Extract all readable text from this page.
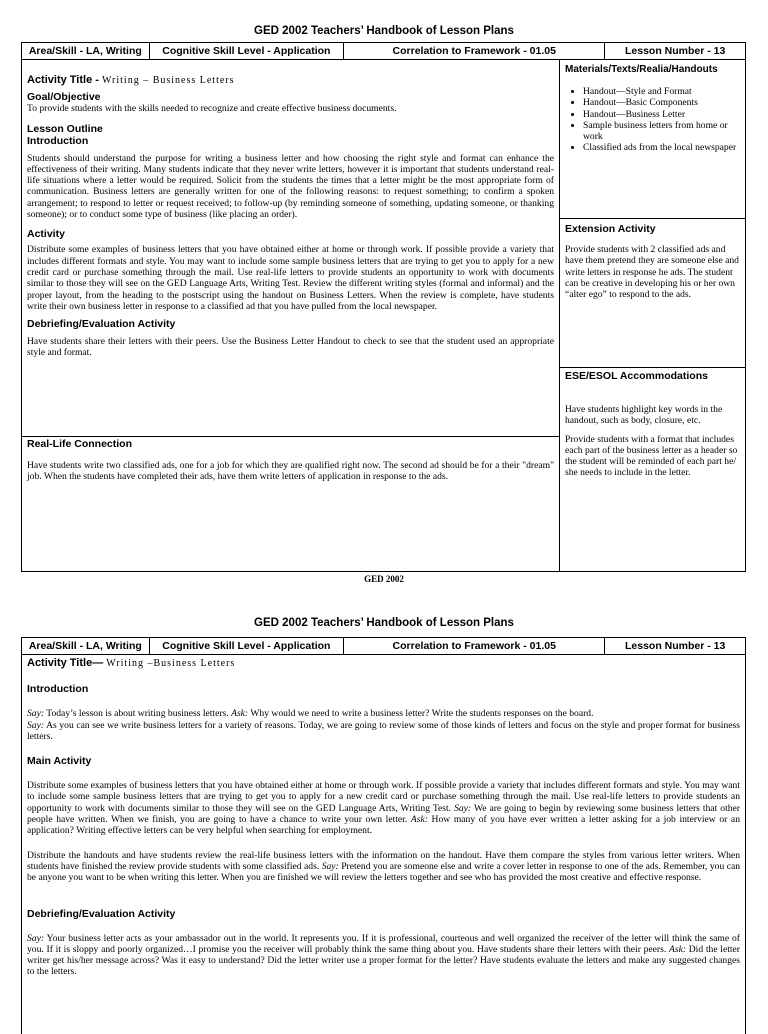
GED 2002 Teachers’ Handbook of Lesson Plans
Area/Skill - LA, Writing	Cognitive Skill Level - Application	Correlation to Framework - 01.05	Lesson Number - 13

Activity Title - Writing – Business Letters

Goal/Objective

To provide students with the skills needed to recognize and create effective business documents.

Lesson Outline

Introduction

Students should understand the purpose for writing a business letter and how choosing the right style and format can enhance the effectiveness of their writing. Many students indicate that they never write letters, however it is important that students understand real-life situations where a letter would be required. Solicit from the students the times that a letter might be the most appropriate form of communication. Business letters are generally written for one of the following reasons: to request something; to confirm a spoken arrangement; to respond to letter or request received; to follow-up (by reminding someone of something, updating someone, or thanking someone); or to conduct some type of business (like placing an order).

Activity

Distribute some examples of business letters that you have obtained either at home or through work. If possible provide a variety that includes different formats and style. You may want to include some sample business letters that are trying to get you to apply for a new credit card or purchase something through the mail. Use real-life letters to provide students an opportunity to work with documents similar to those they will see on the GED Language Arts, Writing Test. Review the different writing styles (formal and informal) and the proper layout, from the heading to the postscript using the handout on Business Letters. When the review is complete, have students write their own business letter in response to a classified ad that you have pulled from the local newspaper.

Debriefing/Evaluation Activity

Have students share their letters with their peers. Use the Business Letter Handout to check to see that the student used an appropriate style and format.

Real-Life Connection

Have students write two classified ads, one for a job for which they are qualified right now. The second ad should be for a their "dream" job. When the students have completed their ads, have them write letters of application in response to the ads.

Materials/Texts/Realia/Handouts

• Handout—Style and Format
• Handout—Basic Components
• Handout—Business Letter
• Sample business letters from home or work
• Classified ads from the local newspaper

Extension Activity

Provide students with 2 classified ads and have them pretend they are someone else and write letters in response he ads. The student can be creative in developing his or her own “alter ego” to respond to the ads.

ESE/ESOL Accommodations

Have students highlight key words in the handout, such as body, closure, etc.

Provide students with a format that includes each part of the business letter as a header so the student will be reminded of each part he/ she needs to include in the letter.

GED 2002
GED 2002 Teachers’ Handbook of Lesson Plans
Area/Skill - LA, Writing	Cognitive Skill Level - Application	Correlation to Framework - 01.05	Lesson Number - 13

Activity Title— Writing –Business Letters

Introduction

Say: Today’s lesson is about writing business letters. Ask: Why would we need to write a business letter? Write the students responses on the board.
Say: As you can see we write business letters for a variety of reasons. Today, we are going to review some of those kinds of letters and focus on the style and proper format for business letters.

Main Activity

Distribute some examples of business letters that you have obtained either at home or through work. If possible provide a variety that includes different formats and style. You may want to include some sample business letters that are trying to get you to apply for a new credit card or purchase something through the mail. Use real-life letters to provide students an opportunity to work with documents similar to those they will see on the GED Language Arts, Writing Test. Say: We are going to begin by reviewing some business letters that other people have written. When we finish, you are going to have a chance to write your own letter. Ask: How many of you have ever written a letter asking for a job interview or an application? Writing effective letters can be very helpful when searching for employment.

Distribute the handouts and have students review the real-life business letters with the information on the handout. Have them compare the styles from various letter writers. When students have finished the review provide students with some classified ads. Say: Pretend you are someone else and write a cover letter in response to one of the ads. Remember, you can be anyone you want to be when writing this letter. When you are finished we will review the letters together and see who has provided the most creative and effective response.

Debriefing/Evaluation Activity

Say: Your business letter acts as your ambassador out in the world. It represents you. If it is professional, courteous and well organized the receiver of the letter will think the same of you. If it is sloppy and poorly organized…I promise you the receiver will probably think the same thing about you. Have students share their letters with their peers. Ask: Did the letter writer get his/her message across? Was it easy to understand? Did the letter writer use a proper format for the letter? Have students evaluate the letters and make any suggested changes to the letters.
